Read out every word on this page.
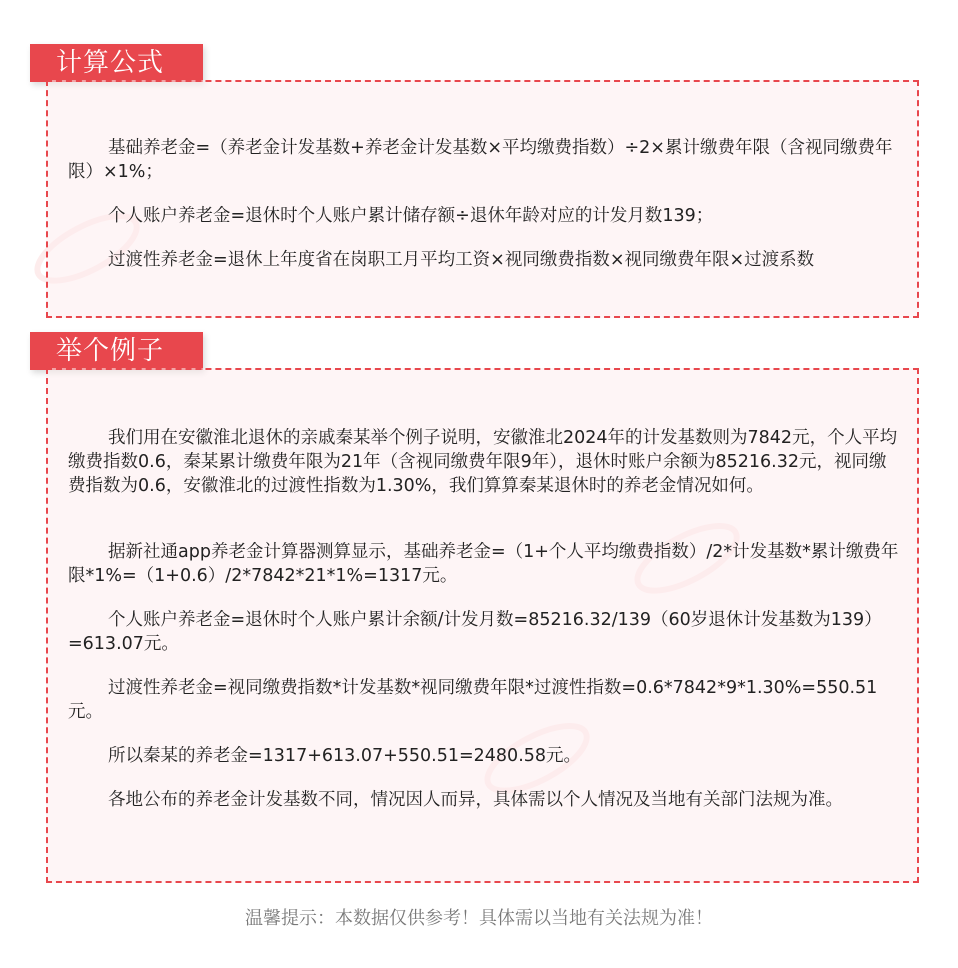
计算公式

基础养老金=（养老金计发基数+养老金计发基数×平均缴费指数）÷2×累计缴费年限（含视同缴费年限）×1%；

个人账户养老金=退休时个人账户累计储存额÷退休年龄对应的计发月数139；

过渡性养老金=退休上年度省在岗职工月平均工资×视同缴费指数×视同缴费年限×过渡系数

举个例子

我们用在安徽淮北退休的亲戚秦某举个例子说明，安徽淮北2024年的计发基数则为7842元，个人平均缴费指数0.6，秦某累计缴费年限为21年（含视同缴费年限9年），退休时账户余额为85216.32元，视同缴费指数为0.6，安徽淮北的过渡性指数为1.30%，我们算算秦某退休时的养老金情况如何。

据新社通app养老金计算器测算显示，基础养老金=（1+个人平均缴费指数）/2*计发基数*累计缴费年限*1%=（1+0.6）/2*7842*21*1%=1317元。

个人账户养老金=退休时个人账户累计余额/计发月数=85216.32/139（60岁退休计发基数为139）=613.07元。

过渡性养老金=视同缴费指数*计发基数*视同缴费年限*过渡性指数=0.6*7842*9*1.30%=550.51元。

所以秦某的养老金=1317+613.07+550.51=2480.58元。

各地公布的养老金计发基数不同，情况因人而异，具体需以个人情况及当地有关部门法规为准。

温馨提示：本数据仅供参考！具体需以当地有关法规为准！
